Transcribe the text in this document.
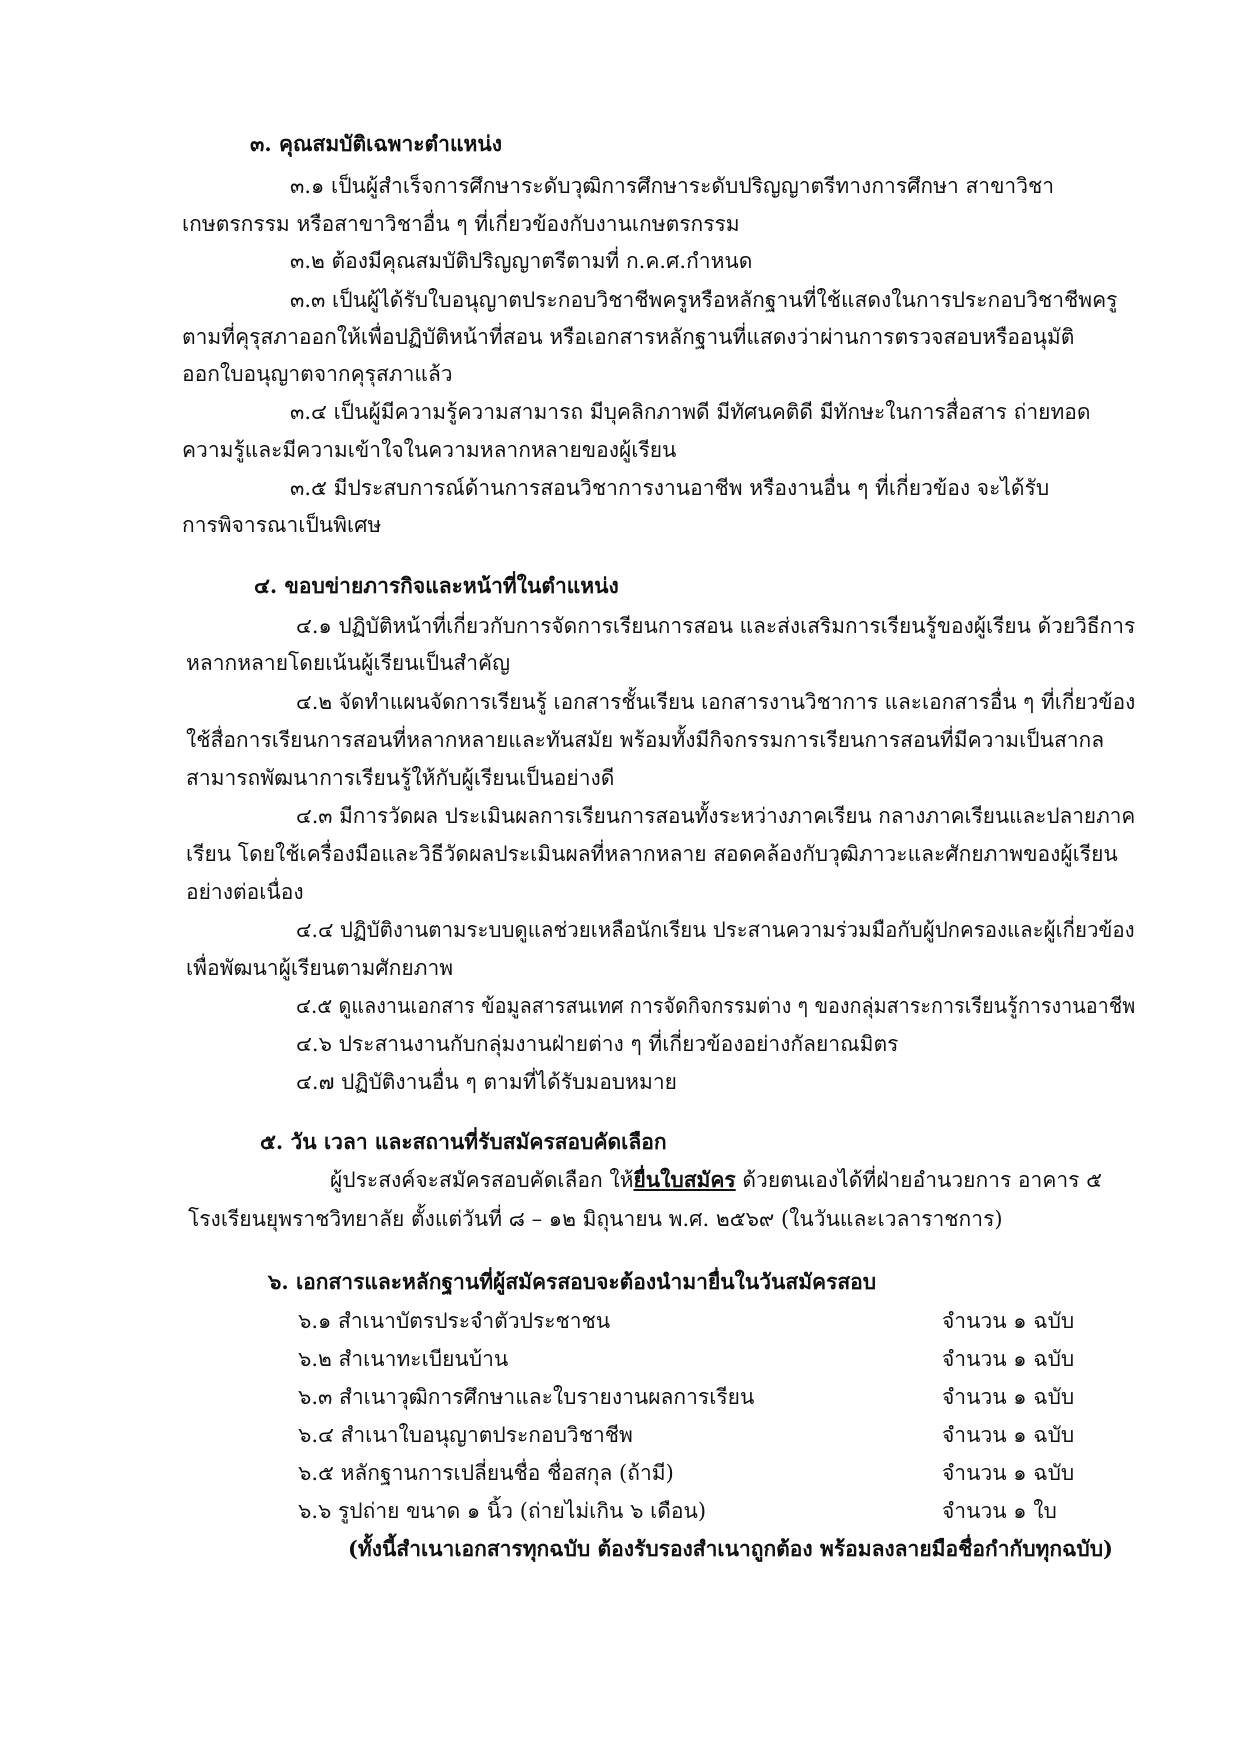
๓. คุณสมบัติเฉพาะตำแหน่ง
๓.๑ เป็นผู้สำเร็จการศึกษาระดับวุฒิการศึกษาระดับปริญญาตรีทางการศึกษา สาขาวิชา
เกษตรกรรม หรือสาขาวิชาอื่น ๆ ที่เกี่ยวข้องกับงานเกษตรกรรม
๓.๒ ต้องมีคุณสมบัติปริญญาตรีตามที่ ก.ค.ศ.กำหนด
๓.๓ เป็นผู้ได้รับใบอนุญาตประกอบวิชาชีพครูหรือหลักฐานที่ใช้แสดงในการประกอบวิชาชีพครู
ตามที่คุรุสภาออกให้เพื่อปฏิบัติหน้าที่สอน หรือเอกสารหลักฐานที่แสดงว่าผ่านการตรวจสอบหรืออนุมัติ
ออกใบอนุญาตจากคุรุสภาแล้ว
๓.๔ เป็นผู้มีความรู้ความสามารถ มีบุคลิกภาพดี มีทัศนคติดี มีทักษะในการสื่อสาร ถ่ายทอด
ความรู้และมีความเข้าใจในความหลากหลายของผู้เรียน
๓.๕ มีประสบการณ์ด้านการสอนวิชาการงานอาชีพ หรืองานอื่น ๆ ที่เกี่ยวข้อง จะได้รับ
การพิจารณาเป็นพิเศษ
๔. ขอบข่ายภารกิจและหน้าที่ในตำแหน่ง
๔.๑ ปฏิบัติหน้าที่เกี่ยวกับการจัดการเรียนการสอน และส่งเสริมการเรียนรู้ของผู้เรียน ด้วยวิธีการ
หลากหลายโดยเน้นผู้เรียนเป็นสำคัญ
๔.๒ จัดทำแผนจัดการเรียนรู้ เอกสารชั้นเรียน เอกสารงานวิชาการ และเอกสารอื่น ๆ ที่เกี่ยวข้อง
ใช้สื่อการเรียนการสอนที่หลากหลายและทันสมัย พร้อมทั้งมีกิจกรรมการเรียนการสอนที่มีความเป็นสากล
สามารถพัฒนาการเรียนรู้ให้กับผู้เรียนเป็นอย่างดี
๔.๓ มีการวัดผล ประเมินผลการเรียนการสอนทั้งระหว่างภาคเรียน กลางภาคเรียนและปลายภาค
เรียน โดยใช้เครื่องมือและวิธีวัดผลประเมินผลที่หลากหลาย สอดคล้องกับวุฒิภาวะและศักยภาพของผู้เรียน
อย่างต่อเนื่อง
๔.๔ ปฏิบัติงานตามระบบดูแลช่วยเหลือนักเรียน ประสานความร่วมมือกับผู้ปกครองและผู้เกี่ยวข้อง
เพื่อพัฒนาผู้เรียนตามศักยภาพ
๔.๕ ดูแลงานเอกสาร ข้อมูลสารสนเทศ การจัดกิจกรรมต่าง ๆ ของกลุ่มสาระการเรียนรู้การงานอาชีพ
๔.๖ ประสานงานกับกลุ่มงานฝ่ายต่าง ๆ ที่เกี่ยวข้องอย่างกัลยาณมิตร
๔.๗ ปฏิบัติงานอื่น ๆ ตามที่ได้รับมอบหมาย
๕. วัน เวลา และสถานที่รับสมัครสอบคัดเลือก
ผู้ประสงค์จะสมัครสอบคัดเลือก ให้ยื่นใบสมัคร ด้วยตนเองได้ที่ฝ่ายอำนวยการ อาคาร ๕
โรงเรียนยุพราชวิทยาลัย ตั้งแต่วันที่ ๘ – ๑๒ มิถุนายน พ.ศ. ๒๕๖๙ (ในวันและเวลาราชการ)
๖. เอกสารและหลักฐานที่ผู้สมัครสอบจะต้องนำมายื่นในวันสมัครสอบ
๖.๑ สำเนาบัตรประจำตัวประชาชน	จำนวน ๑ ฉบับ
๖.๒ สำเนาทะเบียนบ้าน	จำนวน ๑ ฉบับ
๖.๓ สำเนาวุฒิการศึกษาและใบรายงานผลการเรียน	จำนวน ๑ ฉบับ
๖.๔ สำเนาใบอนุญาตประกอบวิชาชีพ	จำนวน ๑ ฉบับ
๖.๕ หลักฐานการเปลี่ยนชื่อ ชื่อสกุล (ถ้ามี)	จำนวน ๑ ฉบับ
๖.๖ รูปถ่าย ขนาด ๑ นิ้ว (ถ่ายไม่เกิน ๖ เดือน)	จำนวน ๑ ใบ
(ทั้งนี้สำเนาเอกสารทุกฉบับ ต้องรับรองสำเนาถูกต้อง พร้อมลงลายมือชื่อกำกับทุกฉบับ)
